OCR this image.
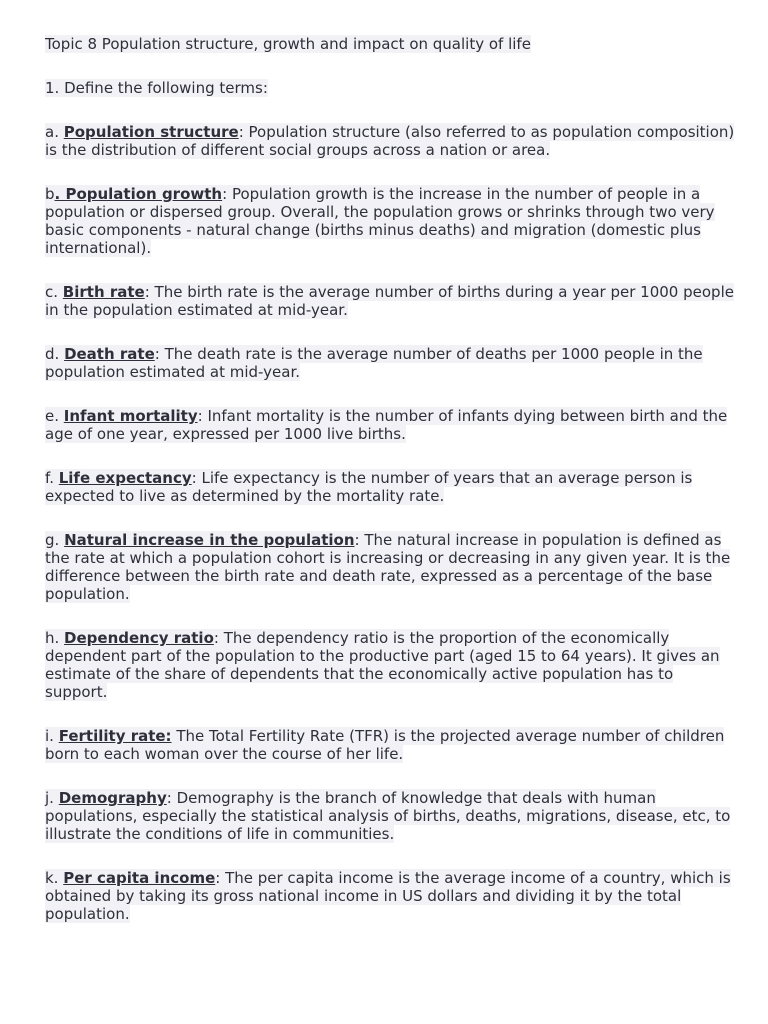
Topic 8 Population structure, growth and impact on quality of life
1. Define the following terms:
a. Population structure: Population structure (also referred to as population composition) is the distribution of different social groups across a nation or area.
b. Population growth: Population growth is the increase in the number of people in a population or dispersed group. Overall, the population grows or shrinks through two very basic components - natural change (births minus deaths) and migration (domestic plus international).
c. Birth rate: The birth rate is the average number of births during a year per 1000 people in the population estimated at mid-year.
d. Death rate: The death rate is the average number of deaths per 1000 people in the population estimated at mid-year.
e. Infant mortality: Infant mortality is the number of infants dying between birth and the age of one year, expressed per 1000 live births.
f. Life expectancy: Life expectancy is the number of years that an average person is expected to live as determined by the mortality rate.
g. Natural increase in the population: The natural increase in population is defined as the rate at which a population cohort is increasing or decreasing in any given year. It is the difference between the birth rate and death rate, expressed as a percentage of the base population.
h. Dependency ratio: The dependency ratio is the proportion of the economically dependent part of the population to the productive part (aged 15 to 64 years). It gives an estimate of the share of dependents that the economically active population has to support.
i. Fertility rate: The Total Fertility Rate (TFR) is the projected average number of children born to each woman over the course of her life.
j. Demography: Demography is the branch of knowledge that deals with human populations, especially the statistical analysis of births, deaths, migrations, disease, etc, to illustrate the conditions of life in communities.
k. Per capita income: The per capita income is the average income of a country, which is obtained by taking its gross national income in US dollars and dividing it by the total population.
